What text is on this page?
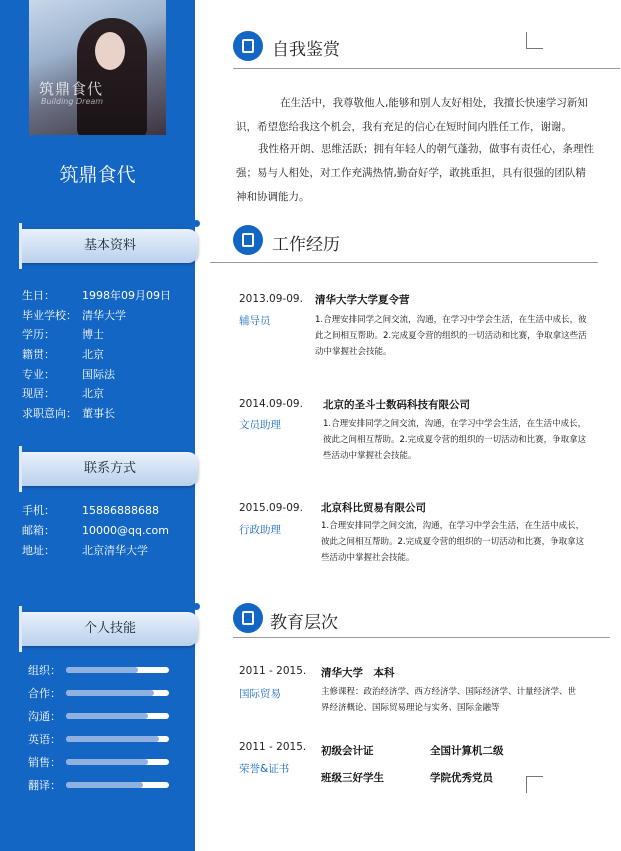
筑鼎食代
Building Dream
筑鼎食代
基本资料
生日： 1998年09月09日
毕业学校： 清华大学
学历： 博士
籍贯： 北京
专业： 国际法
现居： 北京
求职意向： 董事长
联系方式
手机： 15886888688
邮箱： 10000@qq.com
地址： 北京清华大学
个人技能
组织：
合作：
沟通：
英语：
销售：
翻译：
自我鉴赏
在生活中，我尊敬他人,能够和别人友好相处，我擅长快速学习新知识，希望您给我这个机会，我有充足的信心在短时间内胜任工作，谢谢。
我性格开朗、思维活跃；拥有年轻人的朝气蓬勃，做事有责任心，条理性强；易与人相处，对工作充满热情,勤奋好学，敢挑重担，具有很强的团队精神和协调能力。
工作经历
2013.09-09. 清华大学大学夏令营
辅导员	1.合理安排同学之间交流，沟通，在学习中学会生活，在生活中成长，彼此之间相互帮助。2.完成夏令营的组织的一切活动和比赛，争取拿这些活动中掌握社会技能。
2014.09-09. 北京的圣斗士数码科技有限公司
文员助理	1.合理安排同学之间交流，沟通，在学习中学会生活，在生活中成长，彼此之间相互帮助。2.完成夏令营的组织的一切活动和比赛，争取拿这些活动中掌握社会技能。
2015.09-09. 北京科比贸易有限公司
行政助理	1.合理安排同学之间交流，沟通，在学习中学会生活，在生活中成长，彼此之间相互帮助。2.完成夏令营的组织的一切活动和比赛，争取拿这些活动中掌握社会技能。
教育层次
2011 - 2015. 清华大学　本科
国际贸易	主修课程：政治经济学、西方经济学、国际经济学、计量经济学、世界经济概论、国际贸易理论与实务、国际金融等
2011 - 2015.
荣誉&证书
初级会计证	全国计算机二级
班级三好学生	学院优秀党员
